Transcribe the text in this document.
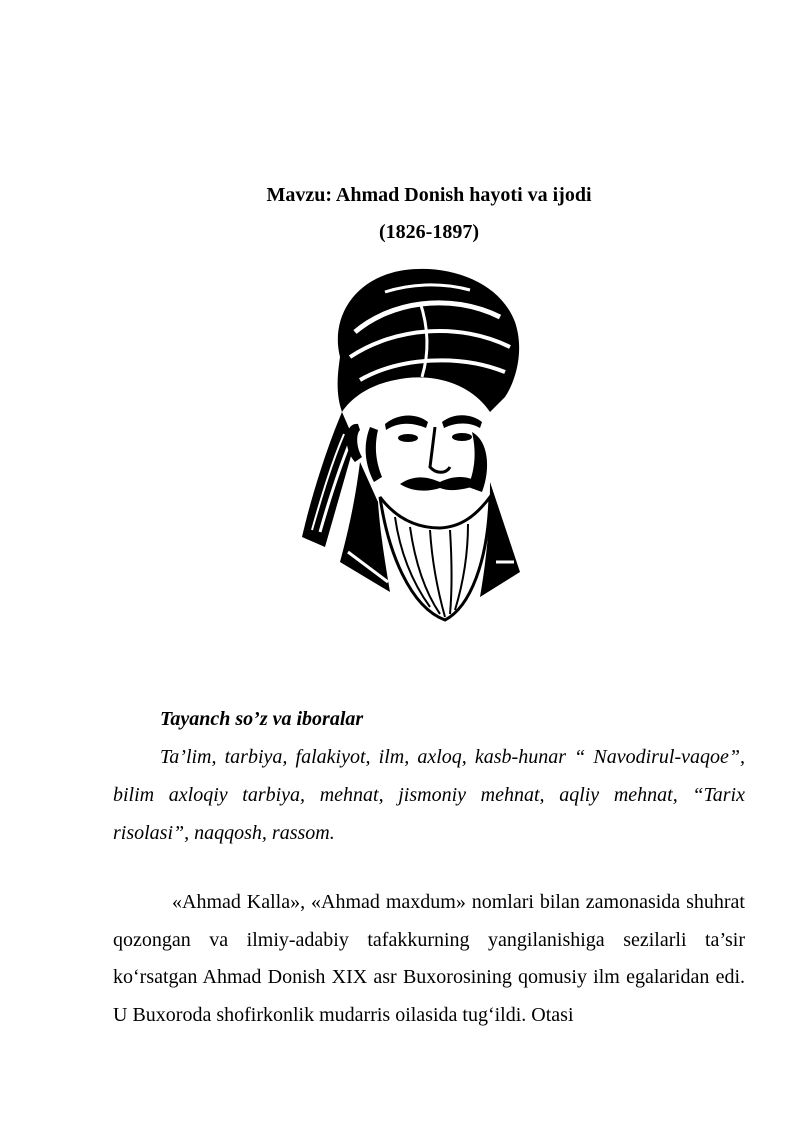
Mavzu: Ahmad Donish hayoti va ijodi
(1826-1897)
Tayanch so’z va iboralar
Ta’lim, tarbiya, falakiyot, ilm, axloq, kasb-hunar “ Navodirul-vaqoe”, bilim axloqiy tarbiya, mehnat, jismoniy mehnat, aqliy mehnat, “Tarix risolasi”, naqqosh, rassom.
«Ahmad Kalla», «Ahmad maxdum» nomlari bilan zamonasida shuhrat qozongan va ilmiy-adabiy tafakkurning yangilanishiga sezilarli ta’sir ko‘rsatgan Ahmad Donish XIX asr Buxorosining qomusiy ilm egalaridan edi. U Buxoroda shofirkonlik mudarris oilasida tug‘ildi. Otasi
